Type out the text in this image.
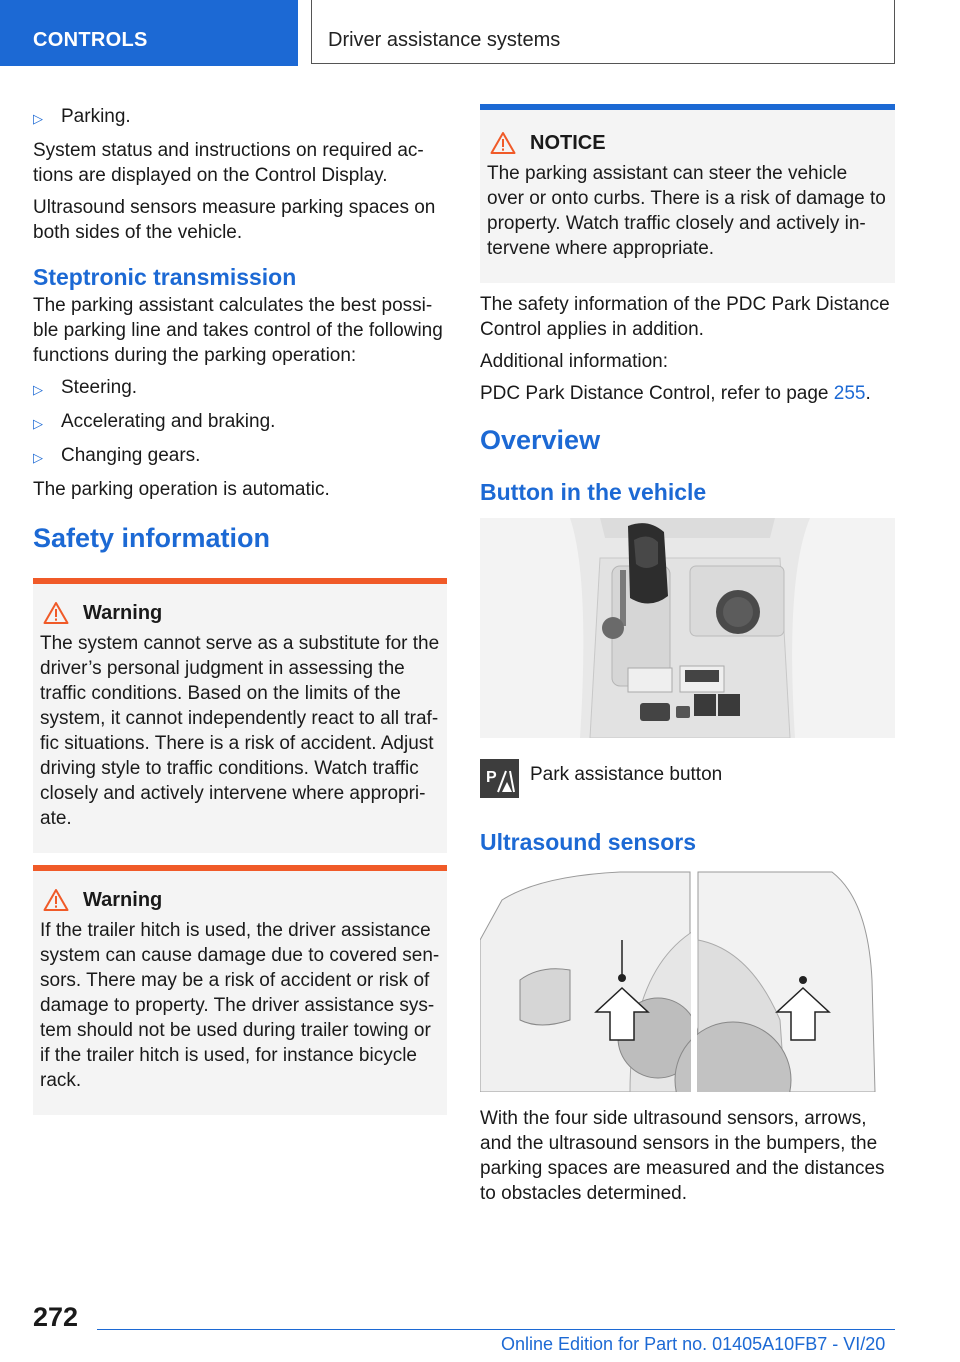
CONTROLS	Driver assistance systems
▷ Parking.

System status and instructions on required ac-tions are displayed on the Control Display.

Ultrasound sensors measure parking spaces on both sides of the vehicle.

Steptronic transmission

The parking assistant calculates the best possi-ble parking line and takes control of the following functions during the parking operation:

▷ Steering.
▷ Accelerating and braking.
▷ Changing gears.

The parking operation is automatic.

Safety information
Warning

The system cannot serve as a substitute for the driver’s personal judgment in assessing the traffic conditions. Based on the limits of the system, it cannot independently react to all traf-fic situations. There is a risk of accident. Adjust driving style to traffic conditions. Watch traffic closely and actively intervene where appropri-ate.

Warning

If the trailer hitch is used, the driver assistance system can cause damage due to covered sen-sors. There may be a risk of accident or risk of damage to property. The driver assistance sys-tem should not be used during trailer towing or if the trailer hitch is used, for instance bicycle rack.

NOTICE

The parking assistant can steer the vehicle over or onto curbs. There is a risk of damage to property. Watch traffic closely and actively in-tervene where appropriate.

The safety information of the PDC Park Distance Control applies in addition.

Additional information:

PDC Park Distance Control, refer to page 255.

Overview
Button in the vehicle
P Park assistance button
Ultrasound sensors

With the four side ultrasound sensors, arrows, and the ultrasound sensors in the bumpers, the parking spaces are measured and the distances to obstacles determined.

272
Online Edition for Part no. 01405A10FB7 - VI/20
